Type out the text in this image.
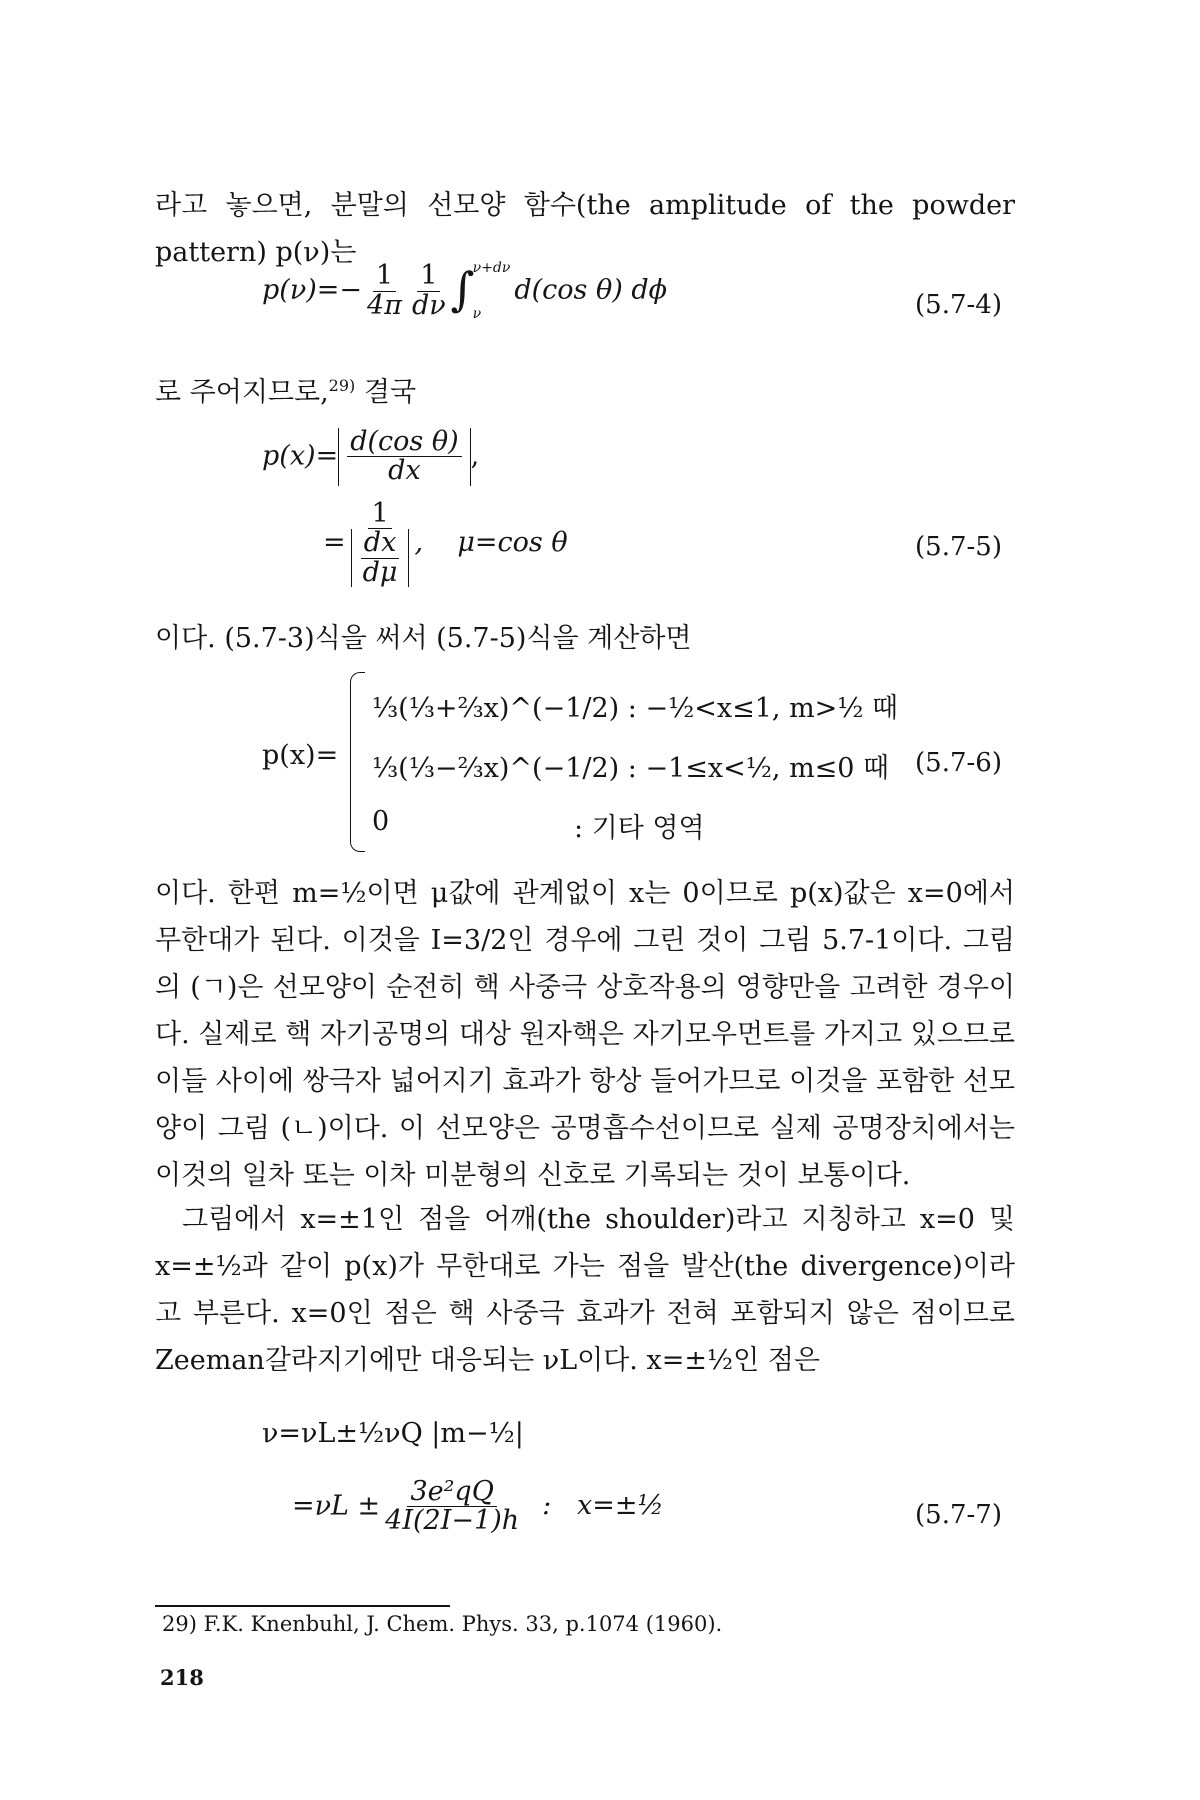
라고 놓으면, 분말의 선모양 함수(the amplitude of the powder pattern) p(ν)는
$p(\nu)=- \frac{1}{4\pi} \frac{1}{d\nu}$ ∫
ν+dν
ν
d(cos θ) dϕ	(5.7-4)
로 주어지므로,$^{29)}$ 결국
$p(x)= \frac{\text{d(cos θ)}}{dx}$ ,
= $\frac{1}{\frac{dx}{d\mu}}$ ,    μ=cos θ	(5.7-5)
이다. (5.7-3)식을 써서 (5.7-5)식을 계산하면
p(x)=
⅓(⅓+⅔x)^(−1/2) : −½<x≤1, m>½ 때
⅓(⅓−⅔x)^(−1/2) : −1≤x<½, m≤0 때
0	: 기타 영역
(5.7-6)
이다. 한편 m=½이면 μ값에 관계없이 x는 0이므로 p(x)값은 x=0에서 무한대가 된다. 이것을 I=3/2인 경우에 그린 것이 그림 5.7-1이다. 그림의 (ㄱ)은 선모양이 순전히 핵 사중극 상호작용의 영향만을 고려한 경우이다. 실제로 핵 자기공명의 대상 원자핵은 자기모우먼트를 가지고 있으므로 이들 사이에 쌍극자 넓어지기 효과가 항상 들어가므로 이것을 포함한 선모양이 그림 (ㄴ)이다. 이 선모양은 공명흡수선이므로 실제 공명장치에서는 이것의 일차 또는 이차 미분형의 신호로 기록되는 것이 보통이다.
그림에서 x=±1인 점을 어깨(the shoulder)라고 지칭하고 x=0 및 x=±½과 같이 p(x)가 무한대로 가는 점을 발산(the divergence)이라고 부른다. x=0인 점은 핵 사중극 효과가 전혀 포함되지 않은 점이므로 Zeeman갈라지기에만 대응되는 νL이다. x=±½인 점은
ν=νL±½νQ |m−½|
$=\nu L \pm \frac{\text{3e²qQ}}{4I(2I-1)h}$ :   x=±½	(5.7-7)
29) F.K. Knenbuhl, J. Chem. Phys. 33, p.1074 (1960).
218
